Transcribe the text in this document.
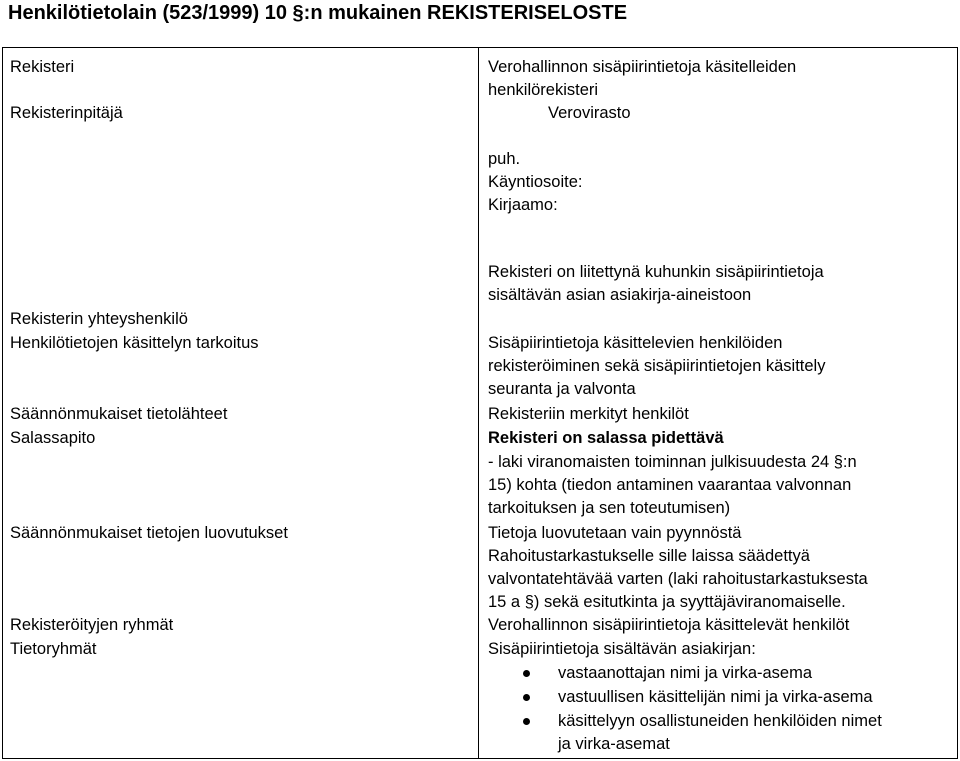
Henkilötietolain (523/1999) 10 §:n mukainen REKISTERISELOSTE
Rekisteri
Rekisterinpitäjä
Rekisterin yhteyshenkilö
Henkilötietojen käsittelyn tarkoitus
Säännönmukaiset tietolähteet
Salassapito
Säännönmukaiset tietojen luovutukset
Rekisteröityjen ryhmät
Tietoryhmät
Verohallinnon sisäpiirintietoja käsitelleiden
henkilörekisteri
Verovirasto
puh.
Käyntiosoite:
Kirjaamo:
Rekisteri on liitettynä kuhunkin sisäpiirintietoja
sisältävän asian asiakirja-aineistoon
Sisäpiirintietoja käsittelevien henkilöiden
rekisteröiminen sekä sisäpiirintietojen käsittely
seuranta ja valvonta
Rekisteriin merkityt henkilöt
Rekisteri on salassa pidettävä
- laki viranomaisten toiminnan julkisuudesta 24 §:n
15) kohta (tiedon antaminen vaarantaa valvonnan
tarkoituksen ja sen toteutumisen)
Tietoja luovutetaan vain pyynnöstä
Rahoitustarkastukselle sille laissa säädettyä
valvontatehtävää varten (laki rahoitustarkastuksesta
15 a §) sekä esitutkinta ja syyttäjäviranomaiselle.
Verohallinnon sisäpiirintietoja käsittelevät henkilöt
Sisäpiirintietoja sisältävän asiakirjan:
vastaanottajan nimi ja virka-asema
vastuullisen käsittelijän nimi ja virka-asema
käsittelyyn osallistuneiden henkilöiden nimet
ja virka-asemat
